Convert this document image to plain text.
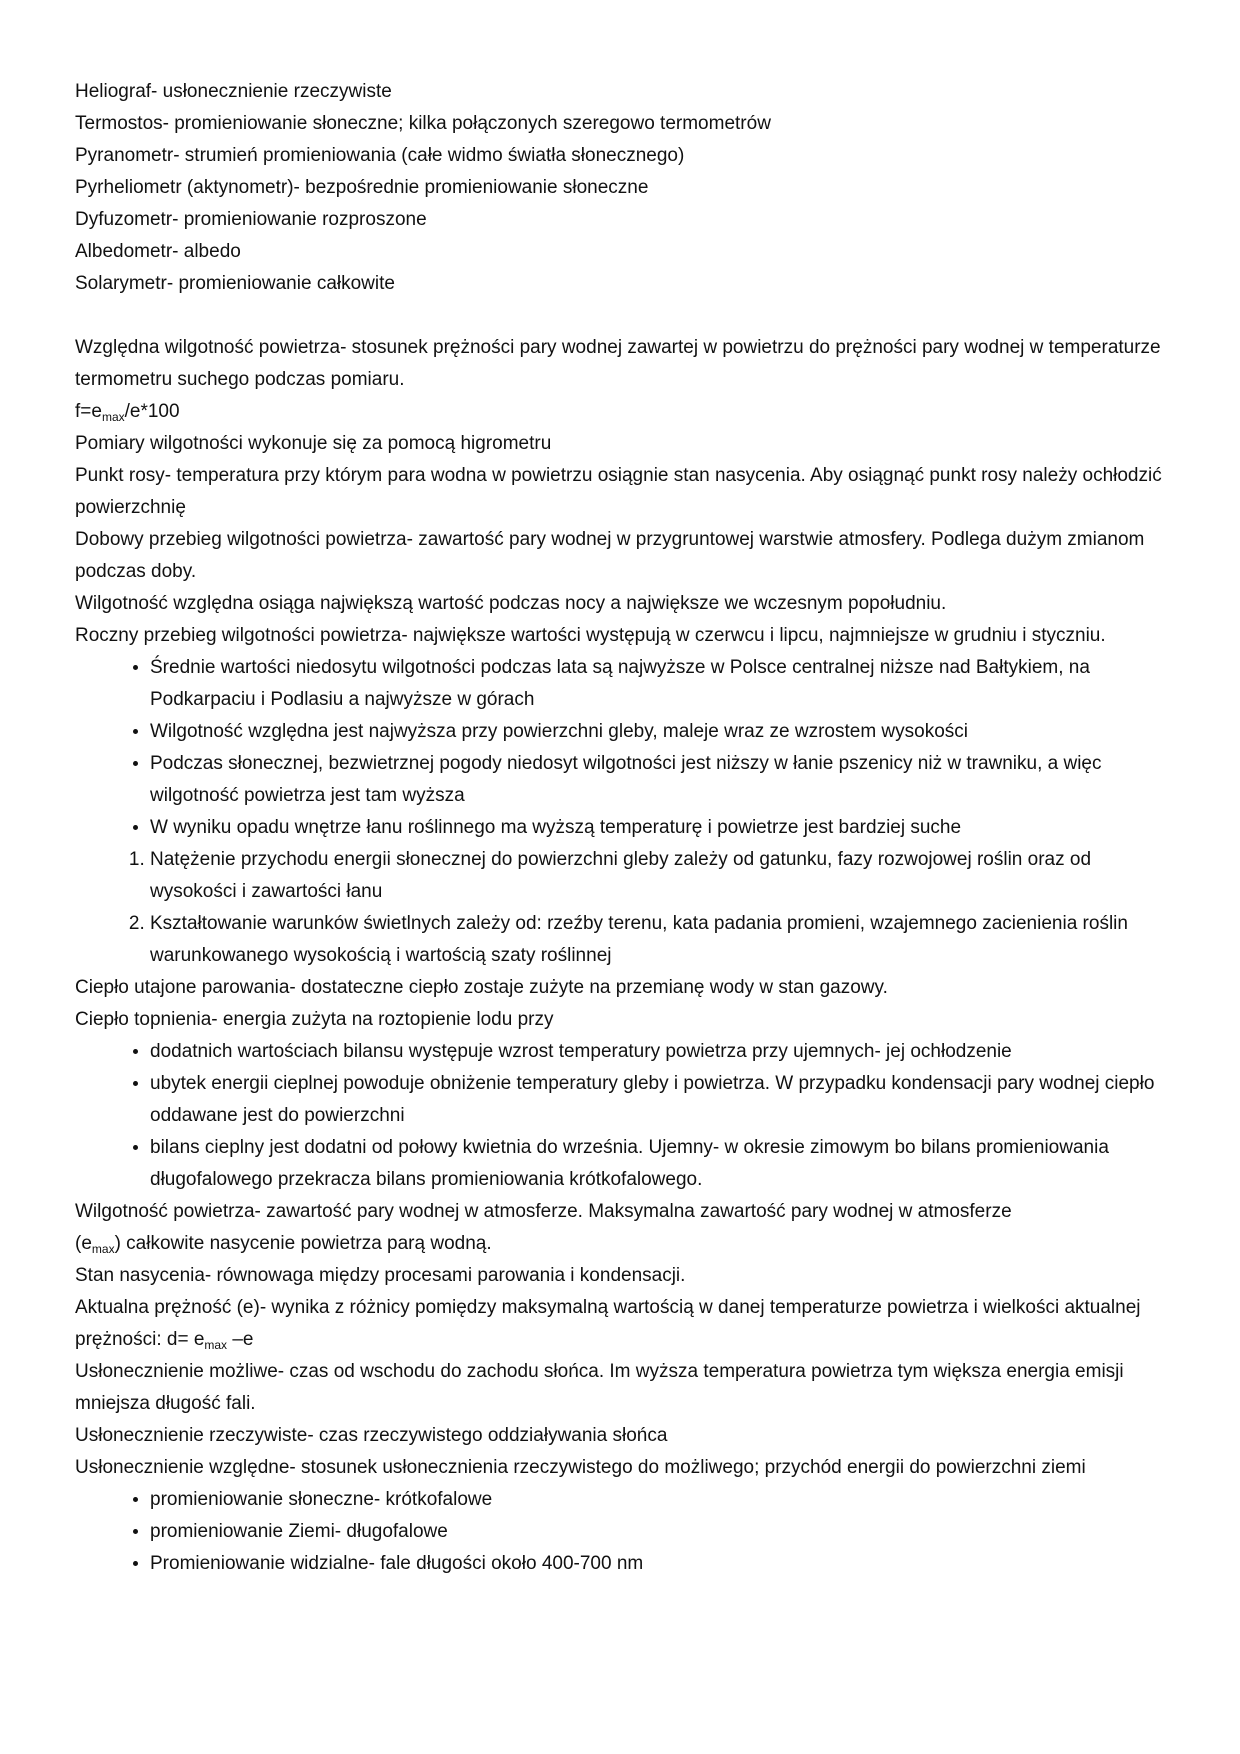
Heliograf- usłonecznienie rzeczywiste

Termostos- promieniowanie słoneczne; kilka połączonych szeregowo termometrów

Pyranometr- strumień promieniowania (całe widmo światła słonecznego)

Pyrheliometr (aktynometr)- bezpośrednie promieniowanie słoneczne

Dyfuzometr- promieniowanie rozproszone

Albedometr- albedo

Solarymetr- promieniowanie całkowite

Względna wilgotność powietrza- stosunek prężności pary wodnej zawartej w powietrzu do prężności pary wodnej w temperaturze termometru suchego podczas pomiaru.

$f=e_{max}/e*100$

Pomiary wilgotności wykonuje się za pomocą higrometru

Punkt rosy- temperatura przy którym para wodna w powietrzu osiągnie stan nasycenia. Aby osiągnąć punkt rosy należy ochłodzić powierzchnię

Dobowy przebieg wilgotności powietrza- zawartość pary wodnej w przygruntowej warstwie atmosfery. Podlega dużym zmianom podczas doby.

Wilgotność względna osiąga największą wartość podczas nocy a największe we wczesnym popołudniu.

Roczny przebieg wilgotności powietrza- największe wartości występują w czerwcu i lipcu, najmniejsze w grudniu i styczniu.

• Średnie wartości niedosytu wilgotności podczas lata są najwyższe w Polsce centralnej niższe nad Bałtykiem, na Podkarpaciu i Podlasiu a najwyższe w górach
• Wilgotność względna jest najwyższa przy powierzchni gleby, maleje wraz ze wzrostem wysokości
• Podczas słonecznej, bezwietrznej pogody niedosyt wilgotności jest niższy w łanie pszenicy niż w trawniku, a więc wilgotność powietrza jest tam wyższa
• W wyniku opadu wnętrze łanu roślinnego ma wyższą temperaturę i powietrze jest bardziej suche
1. Natężenie przychodu energii słonecznej do powierzchni gleby zależy od gatunku, fazy rozwojowej roślin oraz od wysokości i zawartości łanu
2. Kształtowanie warunków świetlnych zależy od: rzeźby terenu, kata padania promieni, wzajemnego zacienienia roślin warunkowanego wysokością i wartością szaty roślinnej

Ciepło utajone parowania- dostateczne ciepło zostaje zużyte na przemianę wody w stan gazowy.

Ciepło topnienia- energia zużyta na roztopienie lodu przy

• dodatnich wartościach bilansu występuje wzrost temperatury powietrza przy ujemnych- jej ochłodzenie
• ubytek energii cieplnej powoduje obniżenie temperatury gleby i powietrza. W przypadku kondensacji pary wodnej ciepło oddawane jest do powierzchni
• bilans cieplny jest dodatni od połowy kwietnia do września. Ujemny- w okresie zimowym bo bilans promieniowania długofalowego przekracza bilans promieniowania krótkofalowego.

Wilgotność powietrza- zawartość pary wodnej w atmosferze. Maksymalna zawartość pary wodnej w atmosferze
$(e_{max})$ całkowite nasycenie powietrza parą wodną.

Stan nasycenia- równowaga między procesami parowania i kondensacji.

Aktualna prężność (e)- wynika z różnicy pomiędzy maksymalną wartością w danej temperaturze powietrza i wielkości aktualnej prężności: $d= e_{max}$ –e

Usłonecznienie możliwe- czas od wschodu do zachodu słońca. Im wyższa temperatura powietrza tym większa energia emisji mniejsza długość fali.

Usłonecznienie rzeczywiste- czas rzeczywistego oddziaływania słońca

Usłonecznienie względne- stosunek usłonecznienia rzeczywistego do możliwego; przychód energii do powierzchni ziemi

• promieniowanie słoneczne- krótkofalowe
• promieniowanie Ziemi- długofalowe
• Promieniowanie widzialne- fale długości około 400-700 nm
